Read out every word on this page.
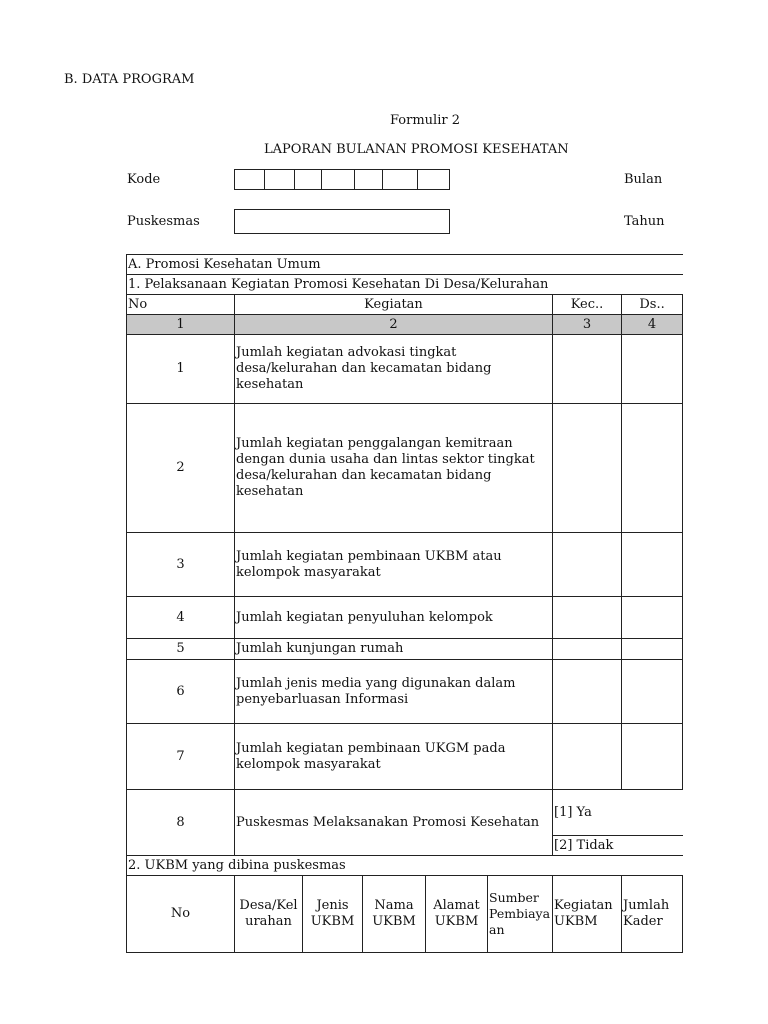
B. DATA PROGRAM
Formulir 2
LAPORAN BULANAN PROMOSI KESEHATAN
Kode	Bulan
Puskesmas	Tahun
A. Promosi Kesehatan Umum							
1. Pelaksanaan Kegiatan Promosi Kesehatan Di Desa/Kelurahan							
No	Kegiatan					Kec..	Ds..
1	2					3	4
1	Jumlah kegiatan advokasi tingkat desa/kelurahan dan kecamatan bidang kesehatan						
2	Jumlah kegiatan penggalangan kemitraan dengan dunia usaha dan lintas sektor tingkat desa/kelurahan dan kecamatan bidang kesehatan						
3	Jumlah kegiatan pembinaan UKBM atau kelompok masyarakat						
4	Jumlah kegiatan penyuluhan kelompok						
5	Jumlah kunjungan rumah						
6	Jumlah jenis media yang digunakan dalam penyebarluasan Informasi						
7	Jumlah kegiatan pembinaan UKGM pada kelompok masyarakat						
8	Puskesmas Melaksanakan Promosi Kesehatan					[1] Ya	
						[2] Tidak	
2. UKBM yang dibina puskesmas							
No	Desa/Kelurahan	Jenis UKBM	Nama UKBM	Alamat UKBM	Sumber Pembiayaan	Kegiatan UKBM	Jumlah Kader
